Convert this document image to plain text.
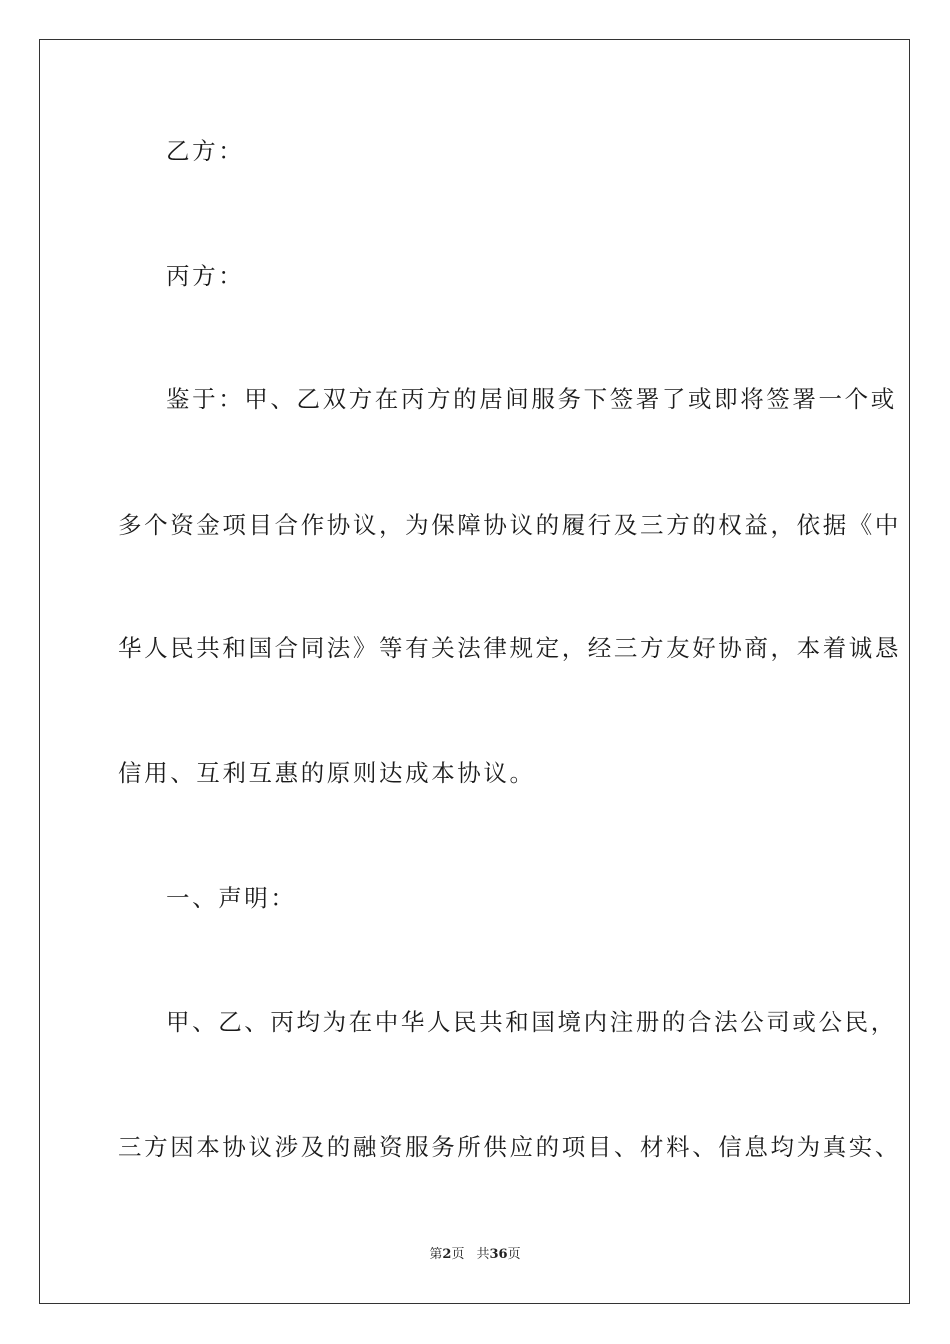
乙方：
丙方：
鉴于：甲、乙双方在丙方的居间服务下签署了或即将签署一个或
多个资金项目合作协议，为保障协议的履行及三方的权益，依据《中
华人民共和国合同法》等有关法律规定，经三方友好协商，本着诚恳
信用、互利互惠的原则达成本协议。
一、声明：
甲、乙、丙均为在中华人民共和国境内注册的合法公司或公民，
三方因本协议涉及的融资服务所供应的项目、材料、信息均为真实、
第2页 共36页
